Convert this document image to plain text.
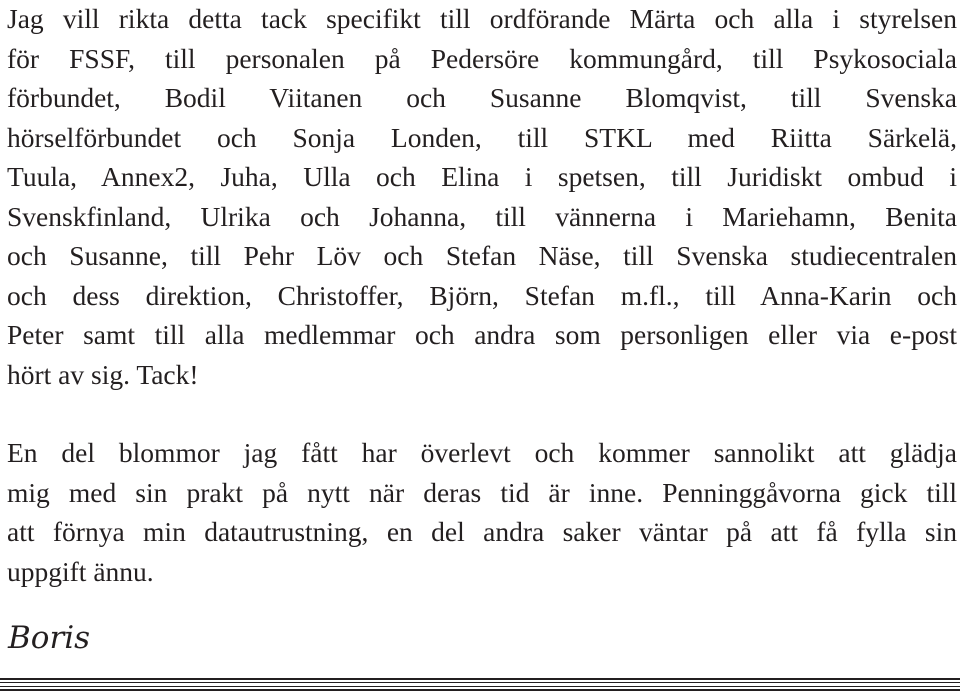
Jag vill rikta detta tack specifikt till ordförande Märta och alla i styrelsen
för FSSF, till personalen på Pedersöre kommungård, till Psykosociala
förbundet, Bodil Viitanen och Susanne Blomqvist, till Svenska
hörselförbundet och Sonja Londen, till STKL med Riitta Särkelä,
Tuula, Annex2, Juha, Ulla och Elina i spetsen, till Juridiskt ombud i
Svenskfinland, Ulrika och Johanna, till vännerna i Mariehamn, Benita
och Susanne, till Pehr Löv och Stefan Näse, till Svenska studiecentralen
och dess direktion, Christoffer, Björn, Stefan m.fl., till Anna-Karin och
Peter samt till alla medlemmar och andra som personligen eller via e-post
hört av sig. Tack!
En del blommor jag fått har överlevt och kommer sannolikt att glädja
mig med sin prakt på nytt när deras tid är inne. Penninggåvorna gick till
att förnya min datautrustning, en del andra saker väntar på att få fylla sin
uppgift ännu.
Boris
